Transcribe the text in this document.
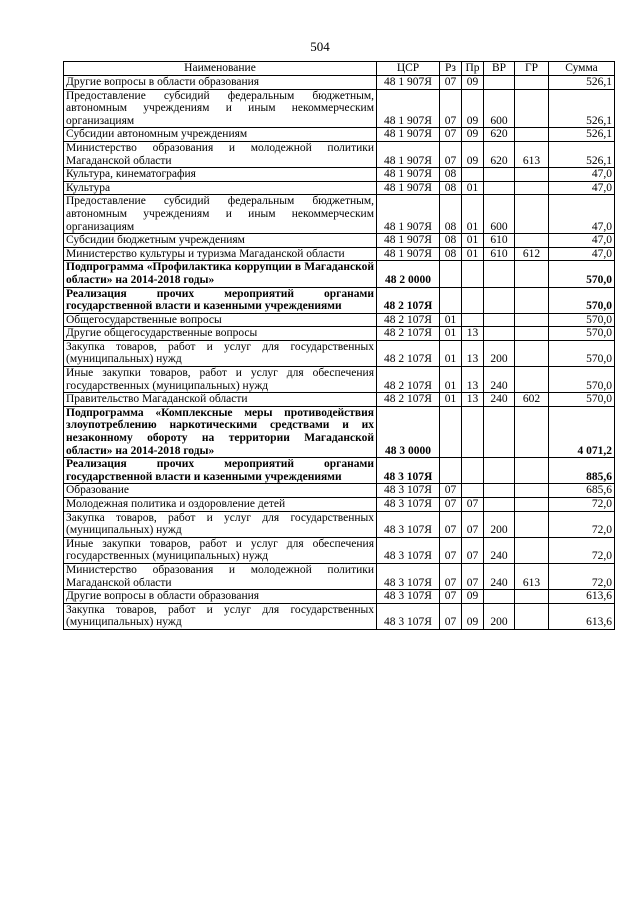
504
Наименование	ЦСР	Рз	Пр	ВР	ГР	Сумма
Другие вопросы в области образования	48 1 907Я	07	09			526,1
Предоставление субсидий федеральным бюджетным, автономным учреждениям и иным некоммерческим организациям	48 1 907Я	07	09	600		526,1
Субсидии автономным учреждениям	48 1 907Я	07	09	620		526,1
Министерство образования и молодежной политики Магаданской области	48 1 907Я	07	09	620	613	526,1
Культура, кинематография	48 1 907Я	08				47,0
Культура	48 1 907Я	08	01			47,0
Предоставление субсидий федеральным бюджетным, автономным учреждениям и иным некоммерческим организациям	48 1 907Я	08	01	600		47,0
Субсидии бюджетным учреждениям	48 1 907Я	08	01	610		47,0
Министерство культуры и туризма Магаданской области	48 1 907Я	08	01	610	612	47,0
Подпрограмма «Профилактика коррупции в Магаданской области» на 2014-2018 годы»	48 2 0000					570,0
Реализация прочих мероприятий органами государственной власти и казенными учреждениями	48 2 107Я					570,0
Общегосударственные вопросы	48 2 107Я	01				570,0
Другие общегосударственные вопросы	48 2 107Я	01	13			570,0
Закупка товаров, работ и услуг для государственных (муниципальных) нужд	48 2 107Я	01	13	200		570,0
Иные закупки товаров, работ и услуг для обеспечения государственных (муниципальных) нужд	48 2 107Я	01	13	240		570,0
Правительство Магаданской области	48 2 107Я	01	13	240	602	570,0
Подпрограмма «Комплексные меры противодействия злоупотреблению наркотическими средствами и их незаконному обороту на территории Магаданской области» на 2014-2018 годы»	48 3 0000					4 071,2
Реализация прочих мероприятий органами государственной власти и казенными учреждениями	48 3 107Я					885,6
Образование	48 3 107Я	07				685,6
Молодежная политика и оздоровление детей	48 3 107Я	07	07			72,0
Закупка товаров, работ и услуг для государственных (муниципальных) нужд	48 3 107Я	07	07	200		72,0
Иные закупки товаров, работ и услуг для обеспечения государственных (муниципальных) нужд	48 3 107Я	07	07	240		72,0
Министерство образования и молодежной политики Магаданской области	48 3 107Я	07	07	240	613	72,0
Другие вопросы в области образования	48 3 107Я	07	09			613,6
Закупка товаров, работ и услуг для государственных (муниципальных) нужд	48 3 107Я	07	09	200		613,6
